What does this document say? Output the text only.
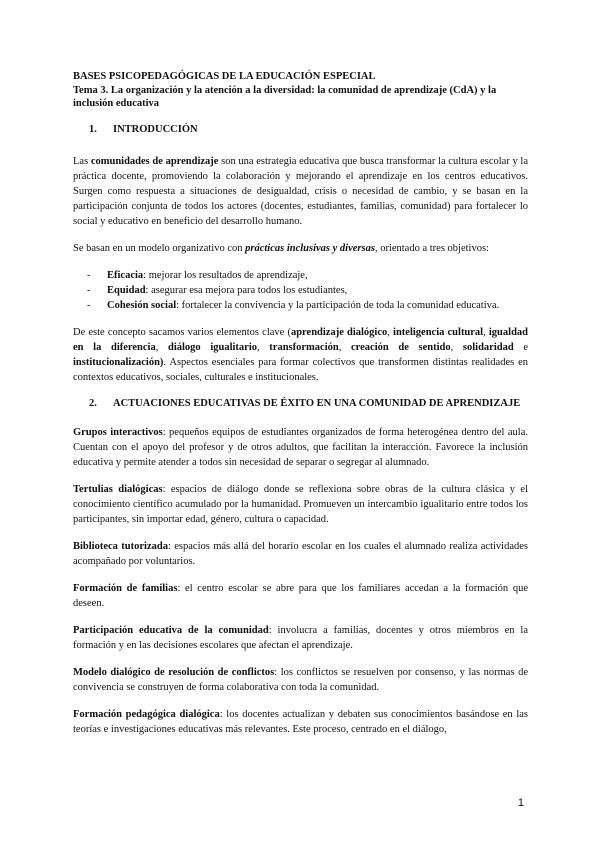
BASES PSICOPEDAGÓGICAS DE LA EDUCACIÓN ESPECIAL
Tema 3. La organización y la atención a la diversidad: la comunidad de aprendizaje (CdA) y la inclusión educativa
1.	INTRODUCCIÓN

Las comunidades de aprendizaje son una estrategia educativa que busca transformar la cultura escolar y la práctica docente, promoviendo la colaboración y mejorando el aprendizaje en los centros educativos. Surgen como respuesta a situaciones de desigualdad, crisis o necesidad de cambio, y se basan en la participación conjunta de todos los actores (docentes, estudiantes, familias, comunidad) para fortalecer lo social y educativo en beneficio del desarrollo humano.

Se basan en un modelo organizativo con prácticas inclusivas y diversas, orientado a tres objetivos:

-	Eficacia: mejorar los resultados de aprendizaje,
-	Equidad: asegurar esa mejora para todos los estudiantes,
-	Cohesión social: fortalecer la convivencia y la participación de toda la comunidad educativa.

De este concepto sacamos varios elementos clave (aprendizaje dialógico, inteligencia cultural, igualdad en la diferencia, diálogo igualitario, transformación, creación de sentido, solidaridad e institucionalización). Aspectos esenciales para formar colectivos que transformen distintas realidades en contextos educativos, sociales, culturales e institucionales.

2.	ACTUACIONES EDUCATIVAS DE ÉXITO EN UNA COMUNIDAD DE APRENDIZAJE

Grupos interactivos: pequeños equipos de estudiantes organizados de forma heterogénea dentro del aula. Cuentan con el apoyo del profesor y de otros adultos, que facilitan la interacción. Favorece la inclusión educativa y permite atender a todos sin necesidad de separar o segregar al alumnado.

Tertulias dialógicas: espacios de diálogo donde se reflexiona sobre obras de la cultura clásica y el conocimiento científico acumulado por la humanidad. Promueven un intercambio igualitario entre todos los participantes, sin importar edad, género, cultura o capacidad.

Biblioteca tutorizada: espacios más allá del horario escolar en los cuales el alumnado realiza actividades acompañado por voluntarios.

Formación de familias: el centro escolar se abre para que los familiares accedan a la formación que deseen.

Participación educativa de la comunidad: involucra a familias, docentes y otros miembros en la formación y en las decisiones escolares que afectan el aprendizaje.

Modelo dialógico de resolución de conflictos: los conflictos se resuelven por consenso, y las normas de convivencia se construyen de forma colaborativa con toda la comunidad.

Formación pedagógica dialógica: los docentes actualizan y debaten sus conocimientos basándose en las teorías e investigaciones educativas más relevantes. Este proceso, centrado en el diálogo,

1
